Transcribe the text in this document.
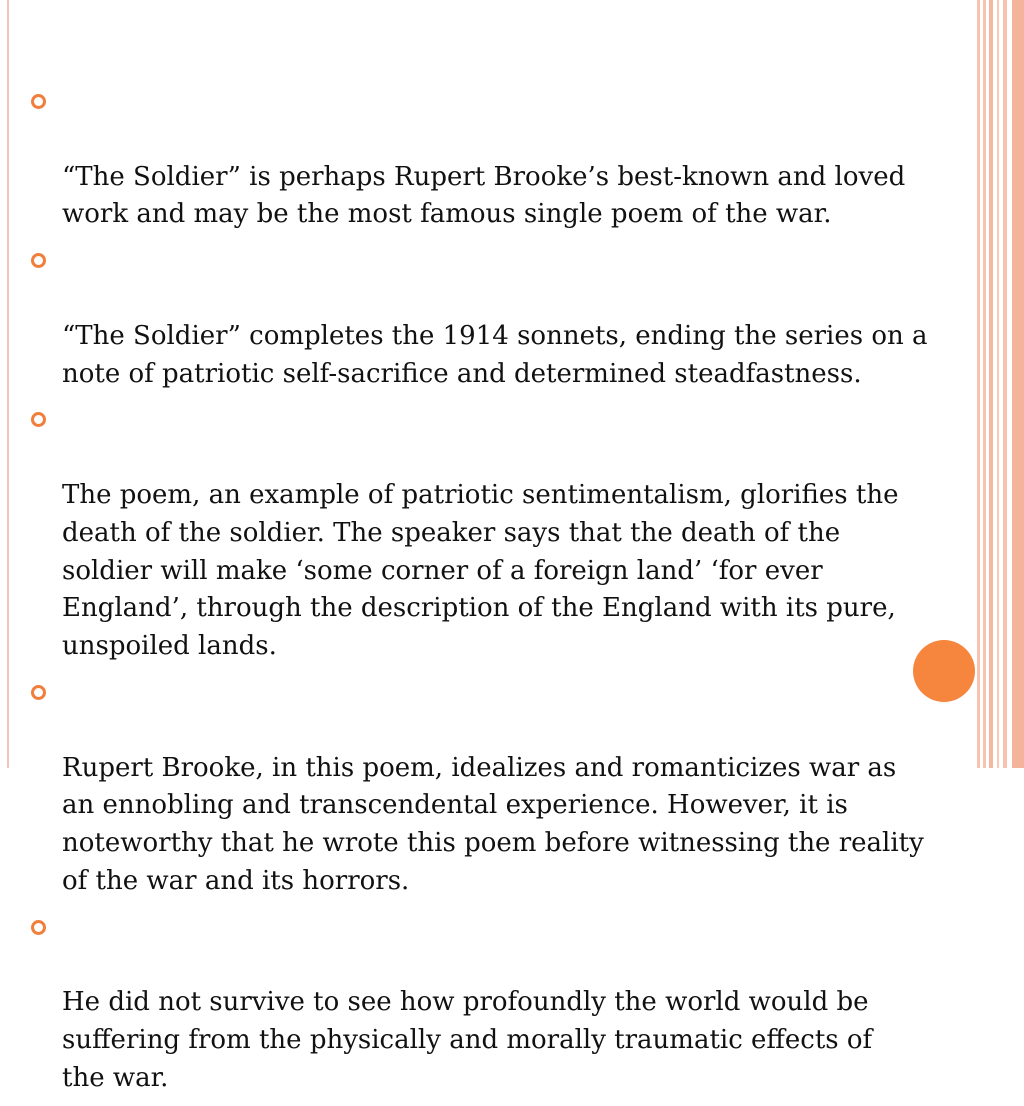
“The Soldier” is perhaps Rupert Brooke’s best-known and loved
work and may be the most famous single poem of the war.

“The Soldier” completes the 1914 sonnets, ending the series on a
note of patriotic self-sacrifice and determined steadfastness.

The poem, an example of patriotic sentimentalism, glorifies the
death of the soldier. The speaker says that the death of the
soldier will make ‘some corner of a foreign land’ ‘for ever
England’, through the description of the England with its pure,
unspoiled lands.

Rupert Brooke, in this poem, idealizes and romanticizes war as
an ennobling and transcendental experience. However, it is
noteworthy that he wrote this poem before witnessing the reality
of the war and its horrors.

He did not survive to see how profoundly the world would be
suffering from the physically and morally traumatic effects of
the war.
